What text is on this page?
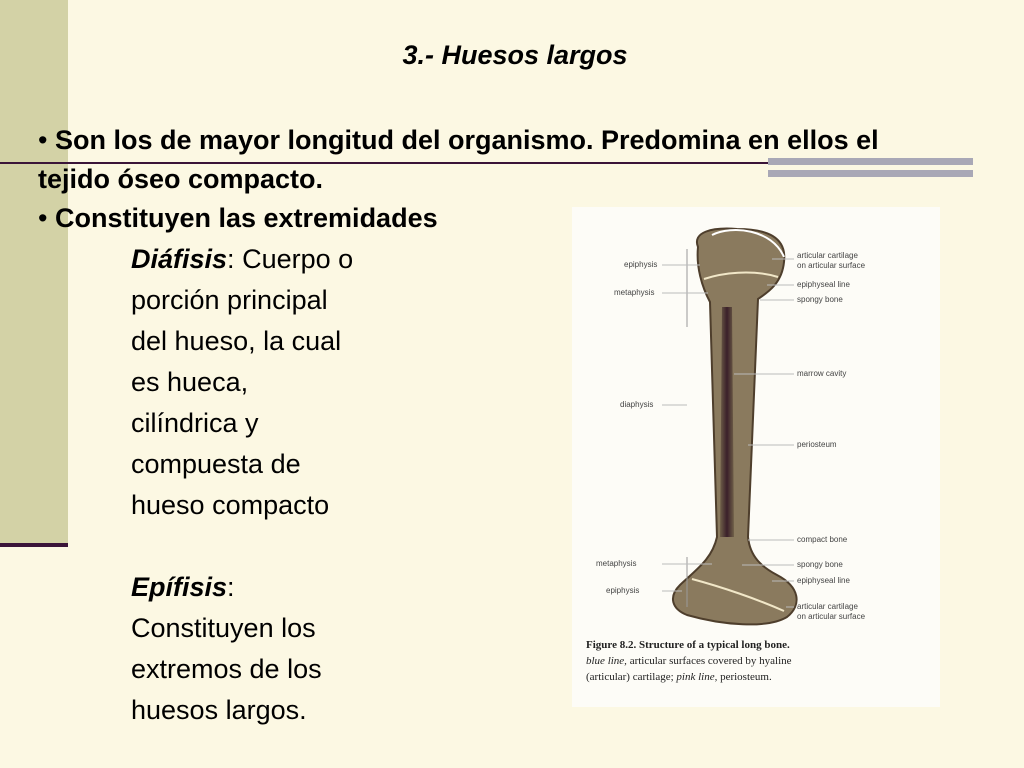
3.- Huesos largos
• Son los de mayor longitud del organismo. Predomina en ellos el tejido óseo compacto.
• Constituyen las extremidades
Diáfisis: Cuerpo o
porción principal
del hueso, la cual
es hueca,
cilíndrica y
compuesta de
hueso compacto
Epífisis:
Constituyen los
extremos de los
huesos largos.
epiphysis
metaphysis
diaphysis
metaphysis
epiphysis
articular cartilage
on articular surface
epiphyseal line
spongy bone
marrow cavity
periosteum
compact bone
spongy bone
epiphyseal line
articular cartilage
on articular surface
Figure 8.2. Structure of a typical long bone.
blue line, articular surfaces covered by hyaline
(articular) cartilage; pink line, periosteum.
